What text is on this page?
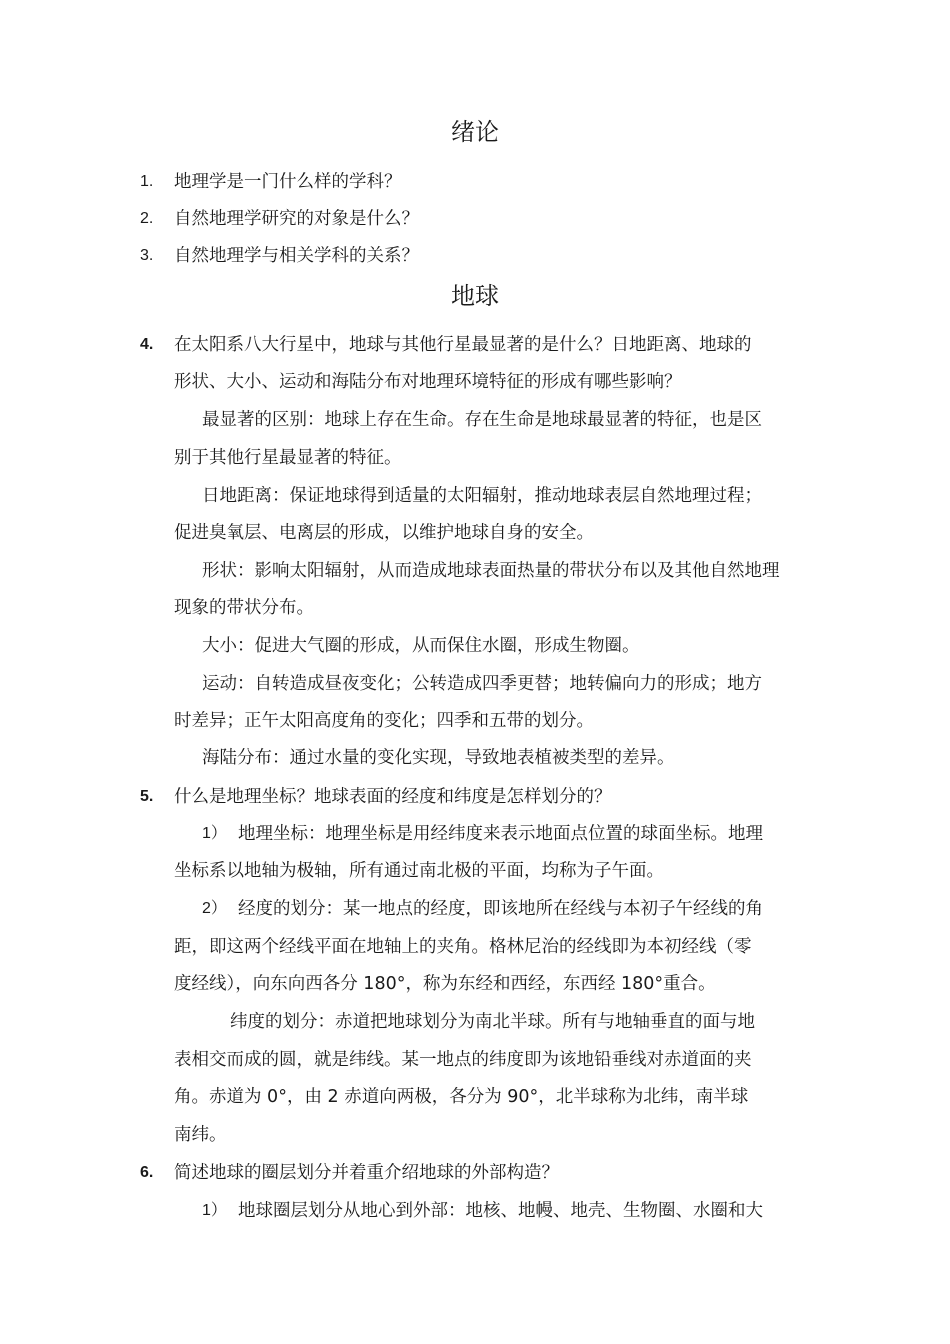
绪论
1. 地理学是一门什么样的学科？
2. 自然地理学研究的对象是什么？
3. 自然地理学与相关学科的关系？
地球
4. 在太阳系八大行星中，地球与其他行星最显著的是什么？日地距离、地球的
形状、大小、运动和海陆分布对地理环境特征的形成有哪些影响？
最显著的区别：地球上存在生命。存在生命是地球最显著的特征，也是区
别于其他行星最显著的特征。
日地距离：保证地球得到适量的太阳辐射，推动地球表层自然地理过程；
促进臭氧层、电离层的形成，以维护地球自身的安全。
形状：影响太阳辐射，从而造成地球表面热量的带状分布以及其他自然地理
现象的带状分布。
大小：促进大气圈的形成，从而保住水圈，形成生物圈。
运动：自转造成昼夜变化；公转造成四季更替；地转偏向力的形成；地方
时差异；正午太阳高度角的变化；四季和五带的划分。
海陆分布：通过水量的变化实现，导致地表植被类型的差异。
5. 什么是地理坐标？地球表面的经度和纬度是怎样划分的？
1） 地理坐标：地理坐标是用经纬度来表示地面点位置的球面坐标。地理
坐标系以地轴为极轴，所有通过南北极的平面，均称为子午面。
2） 经度的划分：某一地点的经度，即该地所在经线与本初子午经线的角
距，即这两个经线平面在地轴上的夹角。格林尼治的经线即为本初经线（零
度经线），向东向西各分 180°，称为东经和西经，东西经 180°重合。
纬度的划分：赤道把地球划分为南北半球。所有与地轴垂直的面与地
表相交而成的圆，就是纬线。某一地点的纬度即为该地铅垂线对赤道面的夹
角。赤道为 0°，由 2 赤道向两极，各分为 90°，北半球称为北纬，南半球
南纬。
6. 简述地球的圈层划分并着重介绍地球的外部构造？
1） 地球圈层划分从地心到外部：地核、地幔、地壳、生物圈、水圈和大
